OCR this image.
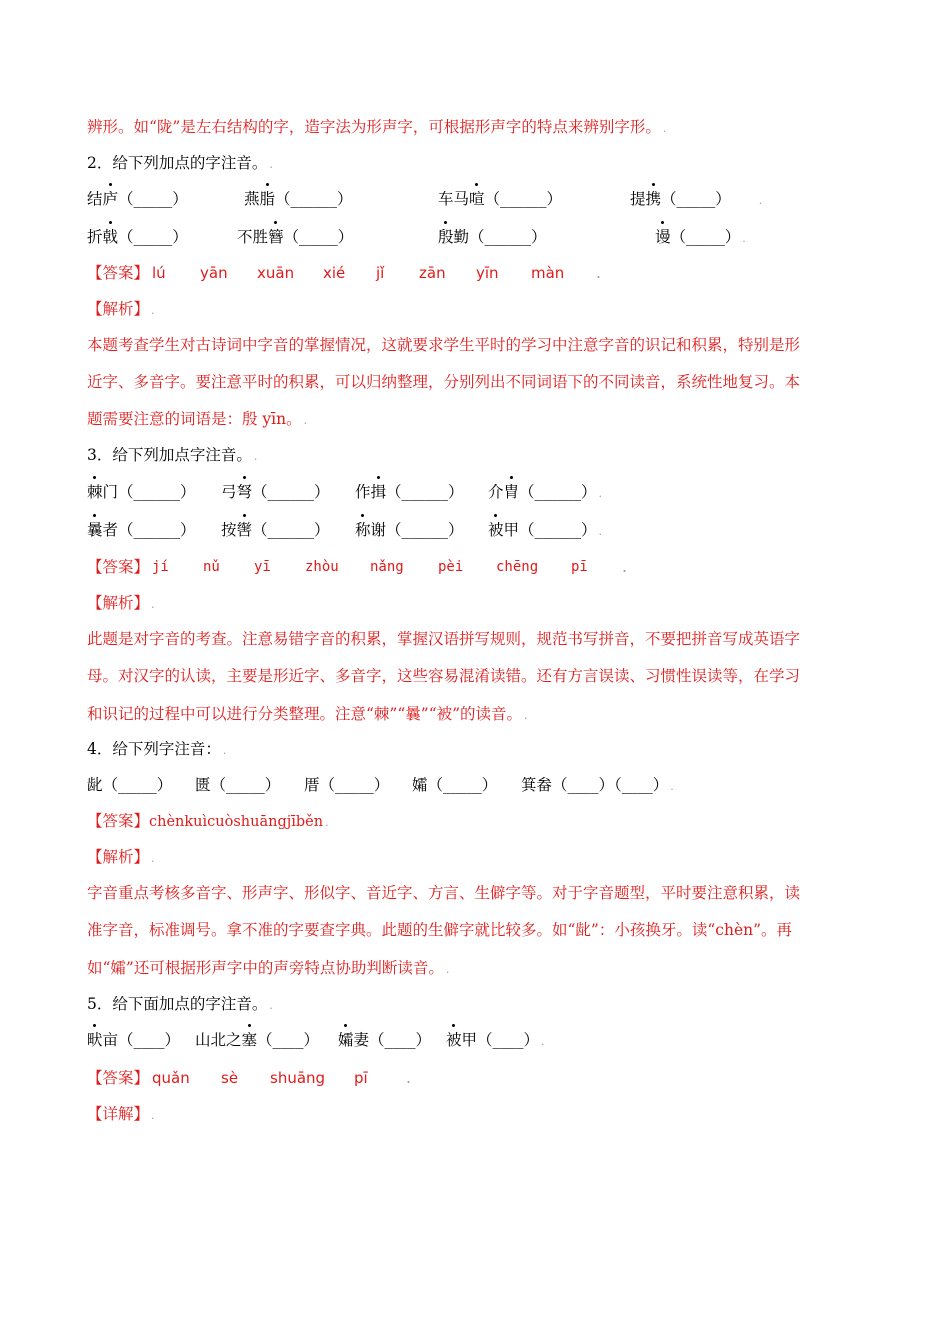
辨形。如“陇”是左右结构的字，造字法为形声字，可根据形声字的特点来辨别字形。 .
2．给下列加点的字注音。 .
结庐（_____）	燕脂（______）	车马喧（______）	提携（_____）	.
折戟（_____）	不胜簪（_____）	殷勤（______）	谩（_____） .
【答案】 lú yān xuān xié jǐ zān yīn màn .
【解析】 .
本题考查学生对古诗词中字音的掌握情况，这就要求学生平时的学习中注意字音的识记和积累，特别是形
近字、多音字。要注意平时的积累，可以归纳整理，分别列出不同词语下的不同读音，系统性地复习。本
题需要注意的词语是：殷 yīn。 .
3．给下列加点字注音。 .
棘门（______） 弓弩（______） 作揖（______） 介胄（______） .
曩者（______） 按辔（______） 称谢（______） 被甲（______） .
【答案】 jí nǔ yī zhòu nǎng pèi chēng pī .
【解析】 .
此题是对字音的考查。注意易错字音的积累，掌握汉语拼写规则，规范书写拼音，不要把拼音写成英语字
母。对汉字的认读，主要是形近字、多音字，这些容易混淆读错。还有方言误读、习惯性误读等，在学习
和识记的过程中可以进行分类整理。注意“棘”“曩”“被”的读音。 .
4．给下列字注音： .
龀（_____） 匮（_____） 厝（_____） 孀（_____） 箕畚（____）（____） .
【答案】chènkuìcuòshuāngjīběn .
【解析】 .
字音重点考核多音字、形声字、形似字、音近字、方言、生僻字等。对于字音题型，平时要注意积累，读
准字音，标准调号。拿不准的字要查字典。此题的生僻字就比较多。如“龀”：小孩换牙。读“chèn”。再
如“孀”还可根据形声字中的声旁特点协助判断读音。 .
5．给下面加点的字注音。 .
畎亩（____） 山北之塞（____） 孀妻（____） 被甲（____） .
【答案】 quǎn sè shuāng pī .
【详解】 .
